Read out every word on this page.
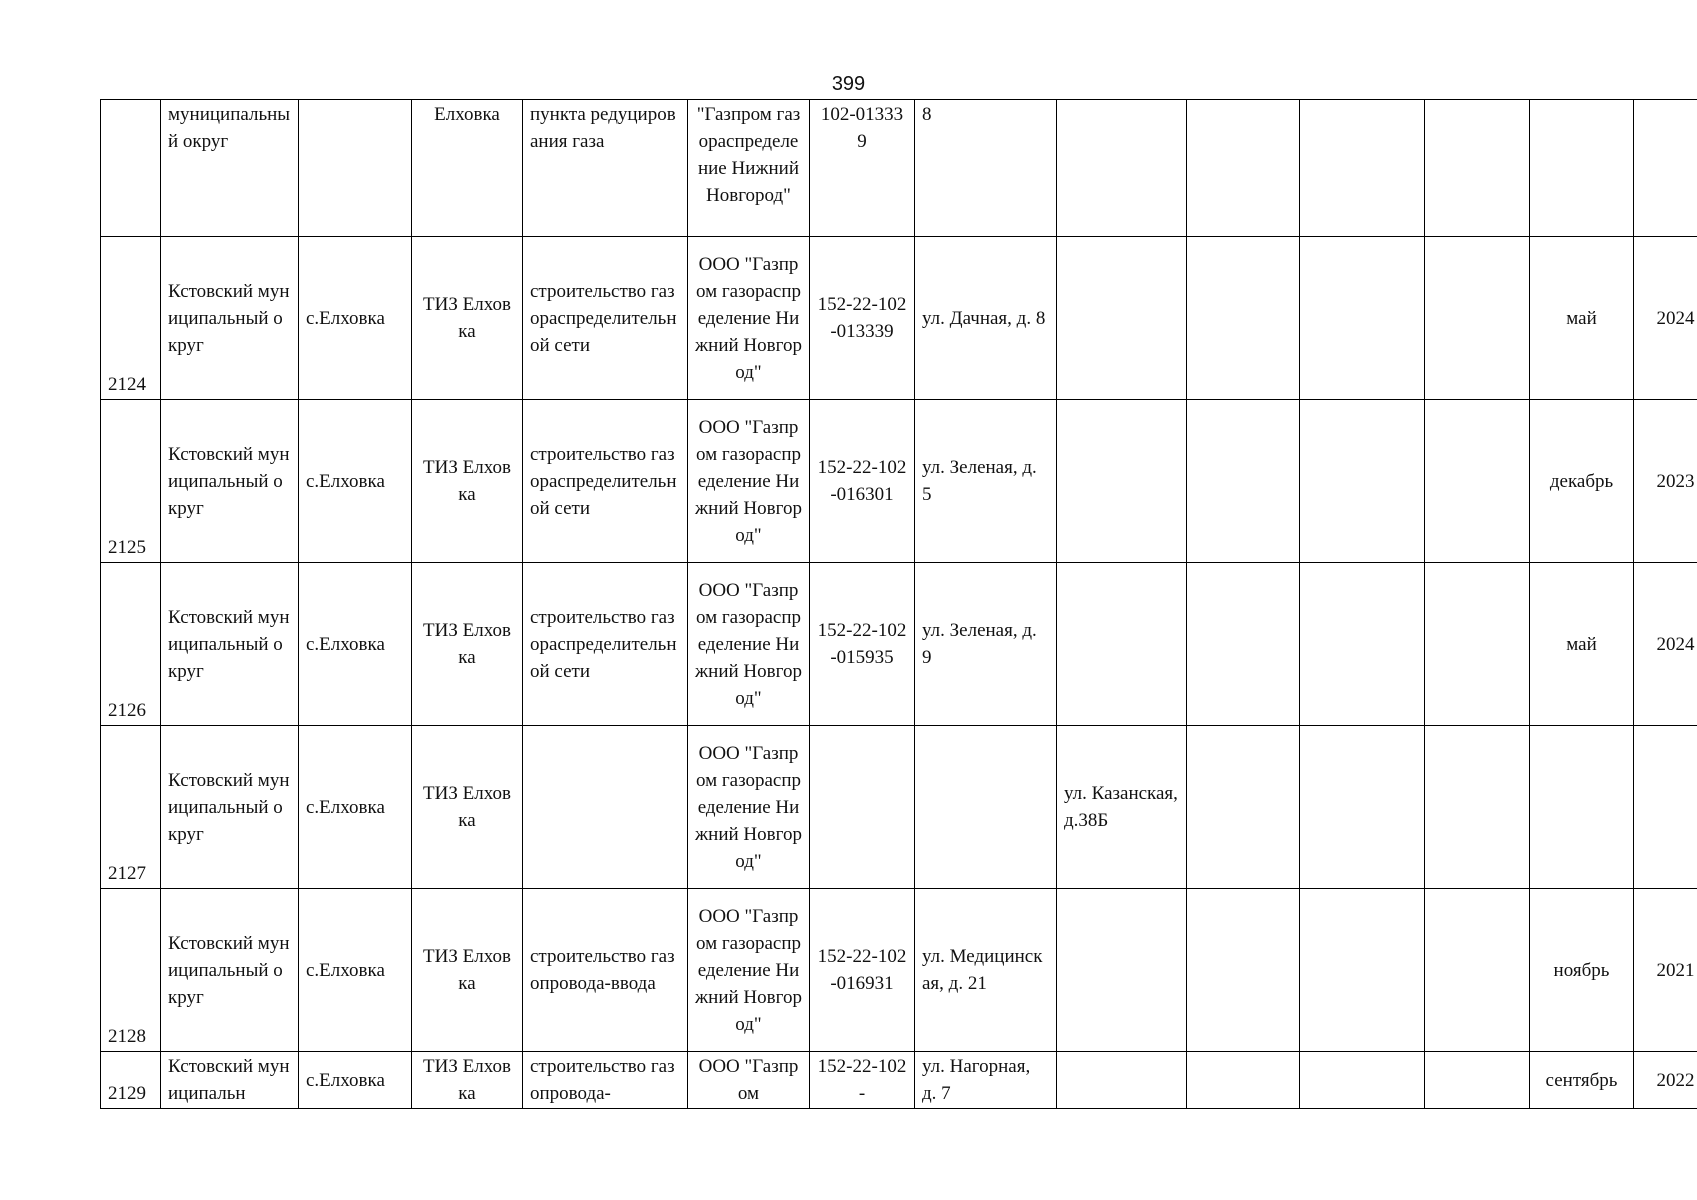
399
	муниципальный округ		Елховка	пункта редуцирования газа	"Газпром газораспределение Нижний Новгород"	102-013339	8						
2124	Кстовский муниципальный округ	с.Елховка	ТИЗ Елховка	строительство газораспределительной сети	ООО "Газпром газораспределение Нижний Новгород"	152-22-102-013339	ул. Дачная, д. 8					май	2024
2125	Кстовский муниципальный округ	с.Елховка	ТИЗ Елховка	строительство газораспределительной сети	ООО "Газпром газораспределение Нижний Новгород"	152-22-102-016301	ул. Зеленая, д. 5					декабрь	2023
2126	Кстовский муниципальный округ	с.Елховка	ТИЗ Елховка	строительство газораспределительной сети	ООО "Газпром газораспределение Нижний Новгород"	152-22-102-015935	ул. Зеленая, д. 9					май	2024
2127	Кстовский муниципальный округ	с.Елховка	ТИЗ Елховка		ООО "Газпром газораспределение Нижний Новгород"			ул. Казанская, д.38Б					
2128	Кстовский муниципальный округ	с.Елховка	ТИЗ Елховка	строительство газопровода-ввода	ООО "Газпром газораспределение Нижний Новгород"	152-22-102-016931	ул. Медицинская, д. 21					ноябрь	2021
2129	Кстовский муниципальн	с.Елховка	ТИЗ Елховка	строительство газопровода-	ООО "Газпром	152-22-102-	ул. Нагорная, д. 7					сентябрь	2022
